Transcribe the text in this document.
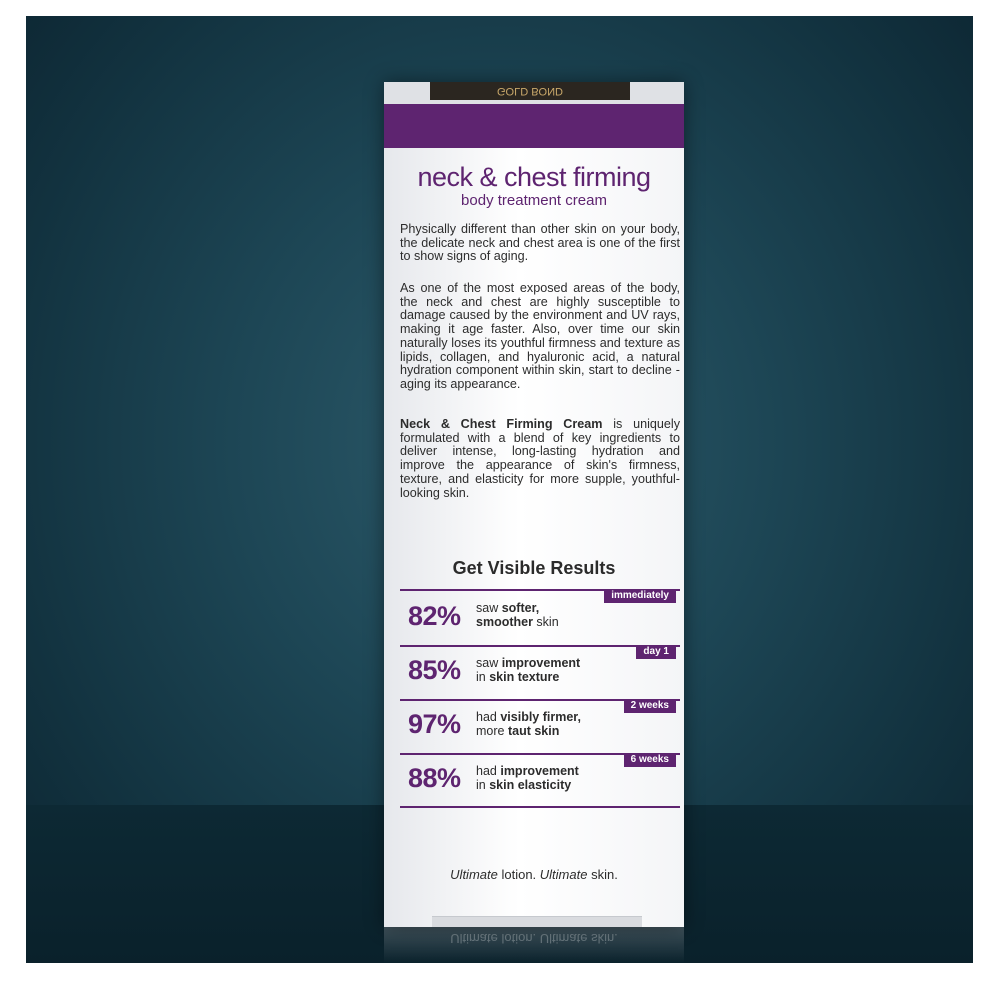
Ultimate lotion. Ultimate skin.
GOLD BOND
neck & chest firming
body treatment cream
Physically different than other skin on your body, the delicate neck and chest area is one of the first to show signs of aging.
As one of the most exposed areas of the body, the neck and chest are highly susceptible to damage caused by the environment and UV rays, making it age faster. Also, over time our skin naturally loses its youthful firmness and texture as lipids, collagen, and hyaluronic acid, a natural hydration component within skin, start to decline - aging its appearance.
Neck & Chest Firming Cream is uniquely formulated with a blend of key ingredients to deliver intense, long-lasting hydration and improve the appearance of skin's firmness, texture, and elasticity for more supple, youthful-looking skin.
Get Visible Results
immediately
82% saw softer,
smoother skin
day 1
85% saw improvement
in skin texture
2 weeks
97% had visibly firmer,
more taut skin
6 weeks
88% had improvement
in skin elasticity
Ultimate lotion. Ultimate skin.
